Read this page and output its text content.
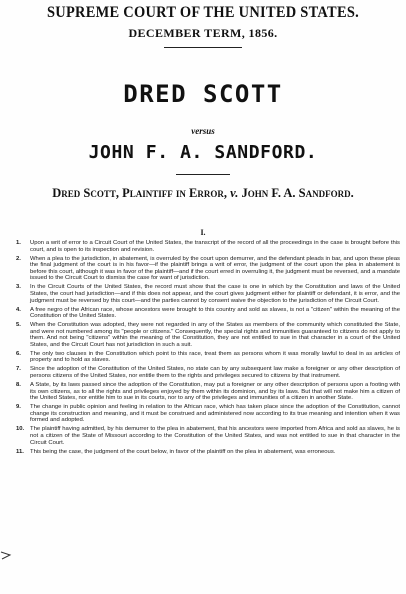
SUPREME COURT OF THE UNITED STATES.
DECEMBER TERM, 1856.
DRED SCOTT
versus
JOHN F. A. SANDFORD.
Dred Scott, Plaintiff in Error, v. John F. A. Sandford.
I.
1. Upon a writ of error to a Circuit Court of the United States, the transcript of the record of all the proceedings in the case is brought before this court, and is open to its inspection and revision.
2. When a plea to the jurisdiction, in abatement, is overruled by the court upon demurrer, and the defendant pleads in bar, and upon these pleas the final judgment of the court is in his favor—if the plaintiff brings a writ of error, the judgment of the court upon the plea in abatement is before this court, although it was in favor of the plaintiff—and if the court erred in overruling it, the judgment must be reversed, and a mandate issued to the Circuit Court to dismiss the case for want of jurisdiction.
3. In the Circuit Courts of the United States, the record must show that the case is one in which by the Constitution and laws of the United States, the court had jurisdiction—and if this does not appear, and the court gives judgment either for plaintiff or defendant, it is error, and the judgment must be reversed by this court—and the parties cannot by consent waive the objection to the jurisdiction of the Circuit Court.
4. A free negro of the African race, whose ancestors were brought to this country and sold as slaves, is not a "citizen" within the meaning of the Constitution of the United States.
5. When the Constitution was adopted, they were not regarded in any of the States as members of the community which constituted the State, and were not numbered among its "people or citizens." Consequently, the special rights and immunities guaranteed to citizens do not apply to them. And not being "citizens" within the meaning of the Constitution, they are not entitled to sue in that character in a court of the United States, and the Circuit Court has not jurisdiction in such a suit.
6. The only two clauses in the Constitution which point to this race, treat them as persons whom it was morally lawful to deal in as articles of property and to hold as slaves.
7. Since the adoption of the Constitution of the United States, no state can by any subsequent law make a foreigner or any other description of persons citizens of the United States, nor entitle them to the rights and privileges secured to citizens by that instrument.
8. A State, by its laws passed since the adoption of the Constitution, may put a foreigner or any other description of persons upon a footing with its own citizens, as to all the rights and privileges enjoyed by them within its dominion, and by its laws. But that will not make him a citizen of the United States, nor entitle him to sue in its courts, nor to any of the privileges and immunities of a citizen in another State.
9. The change in public opinion and feeling in relation to the African race, which has taken place since the adoption of the Constitution, cannot change its construction and meaning, and it must be construed and administered now according to its true meaning and intention when it was formed and adopted.
10. The plaintiff having admitted, by his demurrer to the plea in abatement, that his ancestors were imported from Africa and sold as slaves, he is not a citizen of the State of Missouri according to the Constitution of the United States, and was not entitled to sue in that character in the Circuit Court.
11. This being the case, the judgment of the court below, in favor of the plaintiff on the plea in abatement, was erroneous.
